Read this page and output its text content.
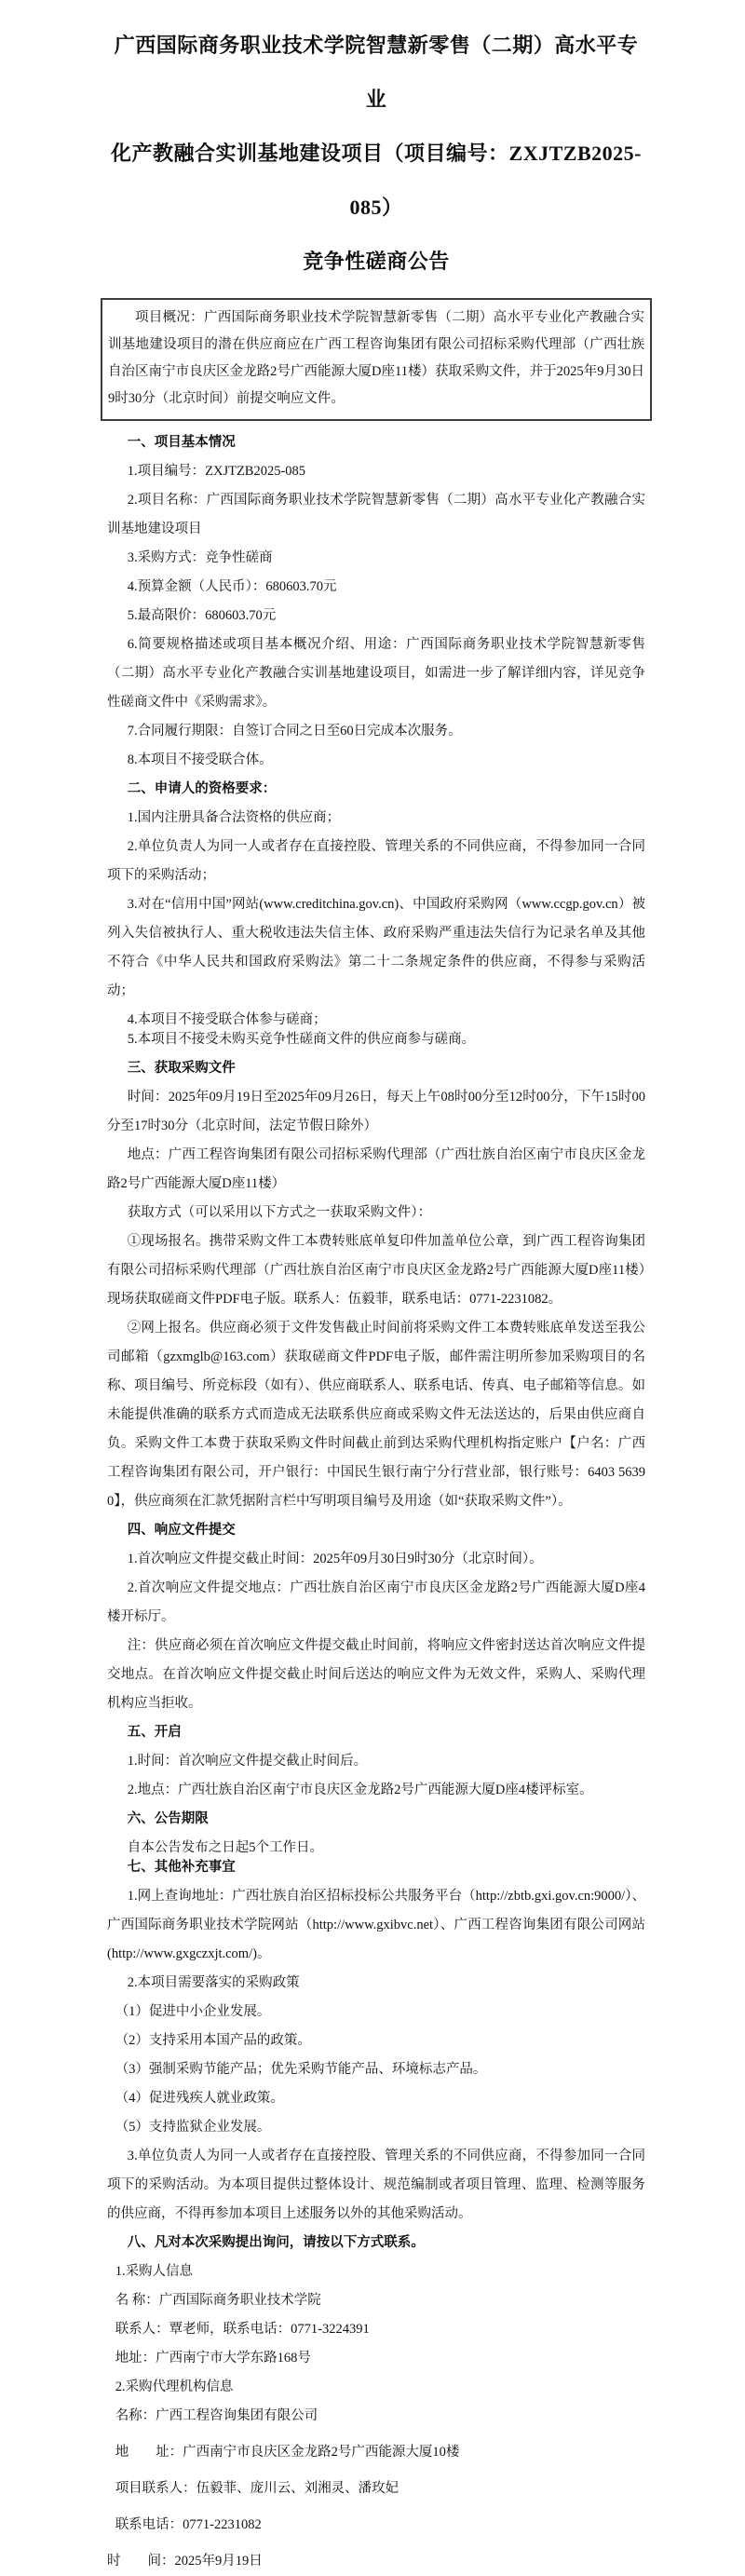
广西国际商务职业技术学院智慧新零售（二期）高水平专业
化产教融合实训基地建设项目（项目编号：ZXJTZB2025-085）
竞争性磋商公告

项目概况：广西国际商务职业技术学院智慧新零售（二期）高水平专业化产教融合实训基地建设项目的潜在供应商应在广西工程咨询集团有限公司招标采购代理部（广西壮族自治区南宁市良庆区金龙路2号广西能源大厦D座11楼）获取采购文件，并于2025年9月30日9时30分（北京时间）前提交响应文件。

一、项目基本情况

1.项目编号：ZXJTZB2025-085

2.项目名称：广西国际商务职业技术学院智慧新零售（二期）高水平专业化产教融合实训基地建设项目

3.采购方式：竞争性磋商

4.预算金额（人民币）：680603.70元

5.最高限价：680603.70元

6.简要规格描述或项目基本概况介绍、用途：广西国际商务职业技术学院智慧新零售（二期）高水平专业化产教融合实训基地建设项目，如需进一步了解详细内容，详见竞争性磋商文件中《采购需求》。

7.合同履行期限：自签订合同之日至60日完成本次服务。

8.本项目不接受联合体。

二、申请人的资格要求：

1.国内注册具备合法资格的供应商；

2.单位负责人为同一人或者存在直接控股、管理关系的不同供应商，不得参加同一合同项下的采购活动；

3.对在“信用中国”网站(www.creditchina.gov.cn)、中国政府采购网（www.ccgp.gov.cn）被列入失信被执行人、重大税收违法失信主体、政府采购严重违法失信行为记录名单及其他不符合《中华人民共和国政府采购法》第二十二条规定条件的供应商，不得参与采购活动；

4.本项目不接受联合体参与磋商；

5.本项目不接受未购买竞争性磋商文件的供应商参与磋商。

三、获取采购文件

时间：2025年09月19日至2025年09月26日，每天上午08时00分至12时00分，下午15时00分至17时30分（北京时间，法定节假日除外）

地点：广西工程咨询集团有限公司招标采购代理部（广西壮族自治区南宁市良庆区金龙路2号广西能源大厦D座11楼）

获取方式（可以采用以下方式之一获取采购文件）：

①现场报名。携带采购文件工本费转账底单复印件加盖单位公章，到广西工程咨询集团有限公司招标采购代理部（广西壮族自治区南宁市良庆区金龙路2号广西能源大厦D座11楼）现场获取磋商文件PDF电子版。联系人：伍毅菲，联系电话：0771-2231082。

②网上报名。供应商必须于文件发售截止时间前将采购文件工本费转账底单发送至我公司邮箱（gzxmglb@163.com）获取磋商文件PDF电子版，邮件需注明所参加采购项目的名称、项目编号、所竞标段（如有）、供应商联系人、联系电话、传真、电子邮箱等信息。如未能提供准确的联系方式而造成无法联系供应商或采购文件无法送达的，后果由供应商自负。采购文件工本费于获取采购文件时间截止前到达采购代理机构指定账户【户名：广西工程咨询集团有限公司，开户银行：中国民生银行南宁分行营业部，银行账号：6403 5639 0】，供应商须在汇款凭据附言栏中写明项目编号及用途（如“获取采购文件”）。

四、响应文件提交

1.首次响应文件提交截止时间：2025年09月30日9时30分（北京时间）。

2.首次响应文件提交地点：广西壮族自治区南宁市良庆区金龙路2号广西能源大厦D座4楼开标厅。

注：供应商必须在首次响应文件提交截止时间前，将响应文件密封送达首次响应文件提交地点。在首次响应文件提交截止时间后送达的响应文件为无效文件，采购人、采购代理机构应当拒收。

五、开启

1.时间：首次响应文件提交截止时间后。

2.地点：广西壮族自治区南宁市良庆区金龙路2号广西能源大厦D座4楼评标室。

六、公告期限

自本公告发布之日起5个工作日。

七、其他补充事宜

1.网上查询地址：广西壮族自治区招标投标公共服务平台（http://zbtb.gxi.gov.cn:9000/）、广西国际商务职业技术学院网站（http://www.gxibvc.net）、广西工程咨询集团有限公司网站(http://www.gxgczxjt.com/)。

2.本项目需要落实的采购政策

（1）促进中小企业发展。

（2）支持采用本国产品的政策。

（3）强制采购节能产品；优先采购节能产品、环境标志产品。

（4）促进残疾人就业政策。

（5）支持监狱企业发展。

3.单位负责人为同一人或者存在直接控股、管理关系的不同供应商，不得参加同一合同项下的采购活动。为本项目提供过整体设计、规范编制或者项目管理、监理、检测等服务的供应商，不得再参加本项目上述服务以外的其他采购活动。

八、凡对本次采购提出询问，请按以下方式联系。

1.采购人信息

名 称：广西国际商务职业技术学院

联系人：覃老师，联系电话：0771-3224391

地址：广西南宁市大学东路168号

2.采购代理机构信息

名称：广西工程咨询集团有限公司

地　　址：广西南宁市良庆区金龙路2号广西能源大厦10楼

项目联系人：伍毅菲、庞川云、刘湘灵、潘玫妃

联系电话：0771-2231082

时　　间：2025年9月19日
